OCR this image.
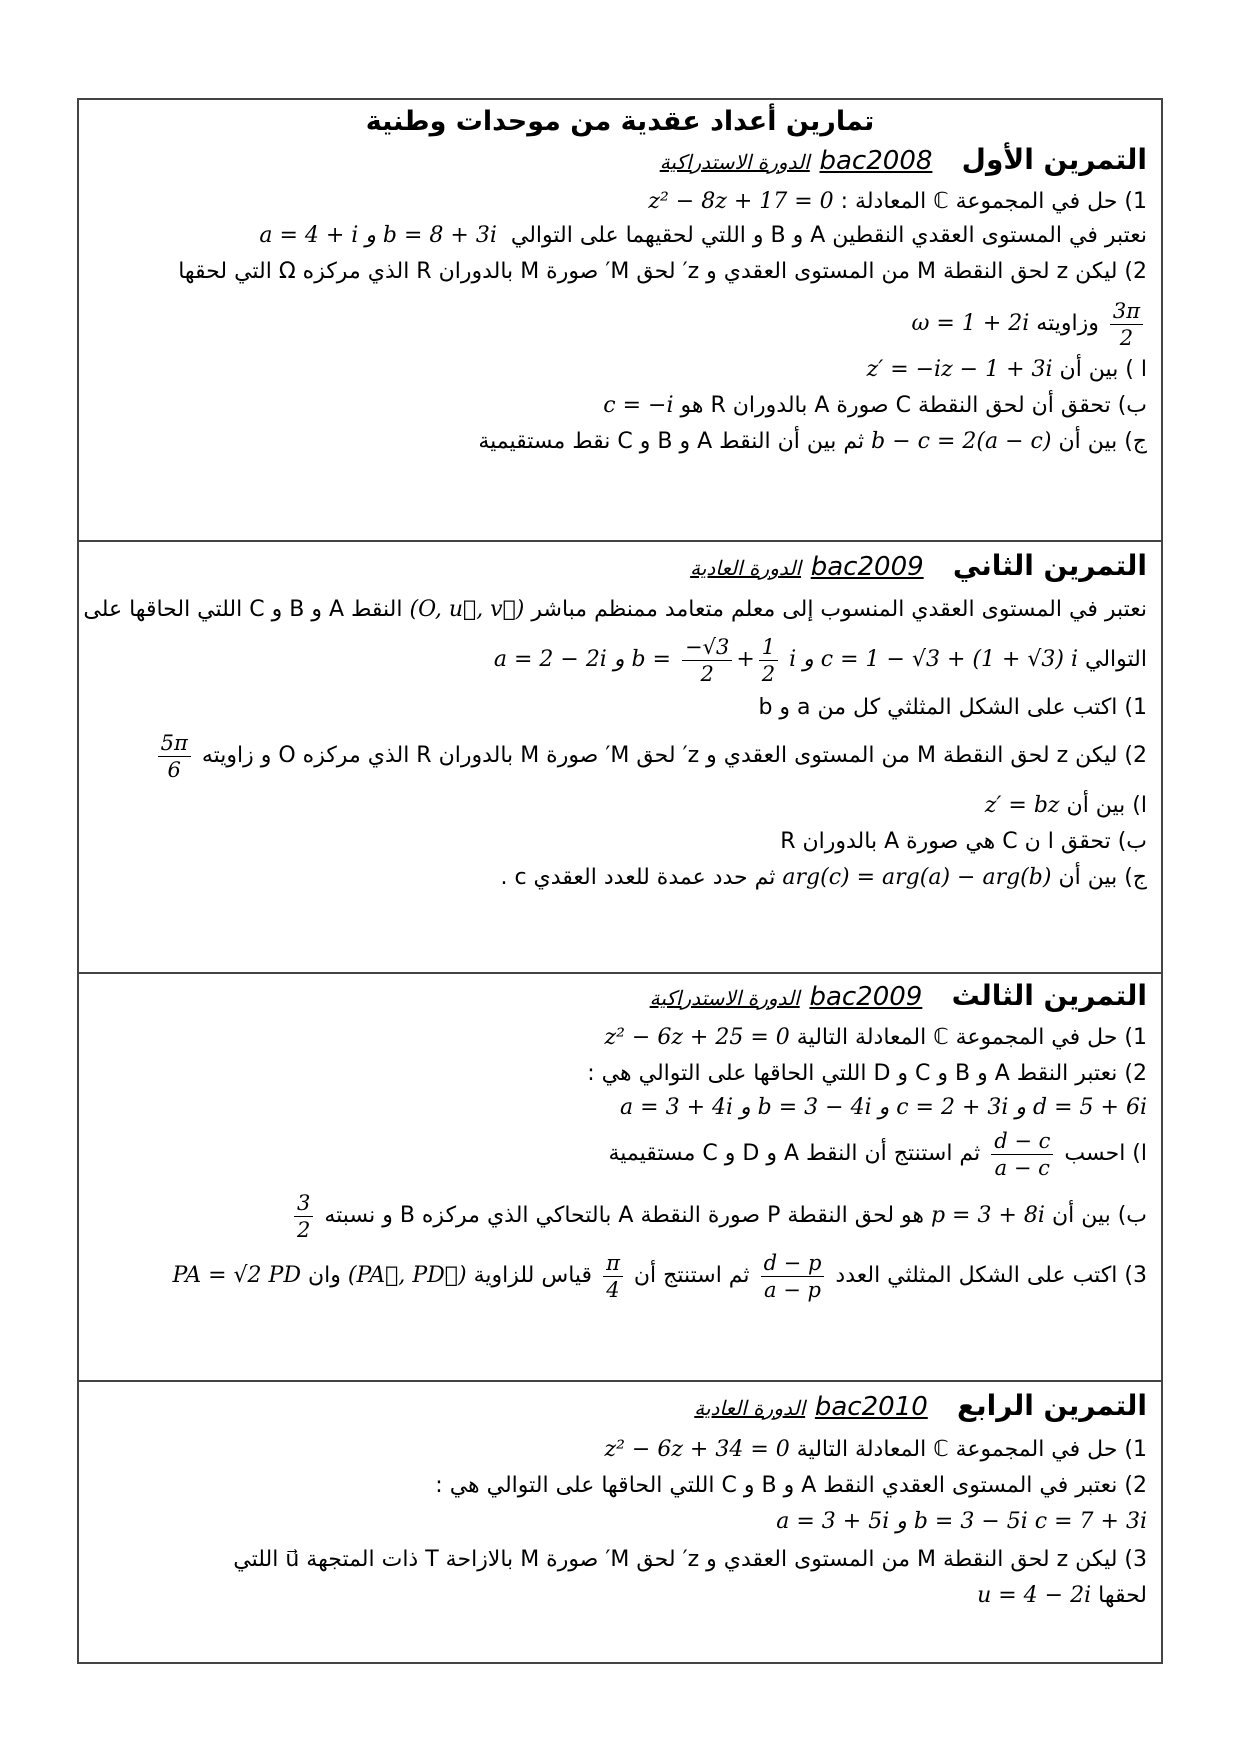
تمارين أعداد عقدية من موحدات وطنية
التمرين الأول   bac2008 الدورة الاستدراكية
1) حل في المجموعة ℂ المعادلة : z² − 8z + 17 = 0
نعتبر في المستوى العقدي النقطين A و B و اللتي لحقيهما على التوالي  a = 4 + i و b = 8 + 3i
2) ليكن z لحق النقطة M من المستوى العقدي و z′ لحق M′ صورة M بالدوران R الذي مركزه Ω التي لحقها
$\frac{3\pi}{2}$
وزاويته ω = 1 + 2i
ا ) بين أن z′ = −iz − 1 + 3i
ب) تحقق أن لحق النقطة C صورة A بالدوران R هو c = −i
ج) بين أن b − c = 2(a − c) ثم بين أن النقط A و B و C نقط مستقيمية
التمرين الثاني   bac2009 الدورة العادية
نعتبر في المستوى العقدي المنسوب إلى معلم متعامد ممنظم مباشر (O, u⃗, v⃗) النقط A و B و C اللتي الحاقها على
التوالي a = 2 − 2i و $b = \frac{-√3}{2} + \frac{1}{2}$ i و c = 1 − √3 + (1 + √3) i
1) اكتب على الشكل المثلثي كل من a و b
2) ليكن z لحق النقطة M من المستوى العقدي و z′ لحق M′ صورة M بالدوران R الذي مركزه O و زاويته
$\frac{5\pi}{6}$
ا) بين أن z′ = bz
ب) تحقق ا ن C هي صورة A بالدوران R
ج) بين أن arg(c) = arg(a) − arg(b) ثم حدد عمدة للعدد العقدي c .
التمرين الثالث   bac2009 الدورة الاستدراكية
1) حل في المجموعة ℂ المعادلة التالية z² − 6z + 25 = 0
2) نعتبر النقط A و B و C و D اللتي الحاقها على التوالي هي :
a = 3 + 4i و b = 3 − 4i و c = 2 + 3i و d = 5 + 6i
ا) احسب
$\frac{d - c}{a - c}$
ثم استنتج أن النقط A و D و C مستقيمية
ب) بين أن p = 3 + 8i هو لحق النقطة P صورة النقطة A بالتحاكي الذي مركزه B و نسبته
$\frac{3}{2}$
3) اكتب على الشكل المثلثي العدد
$\frac{d - p}{a - p}$
ثم استنتج أن
$\frac{\pi}{4}$
قياس للزاوية (PA⃗, PD⃗) وان PA = √2 PD
التمرين الرابع   bac2010 الدورة العادية
1) حل في المجموعة ℂ المعادلة التالية z² − 6z + 34 = 0
2) نعتبر في المستوى العقدي النقط A و B و C اللتي الحاقها على التوالي هي :
a = 3 + 5i و b = 3 − 5i c = 7 + 3i
3) ليكن z لحق النقطة M من المستوى العقدي و z′ لحق M′ صورة M بالازاحة T ذات المتجهة u⃗ اللتي
لحقها u = 4 − 2i
